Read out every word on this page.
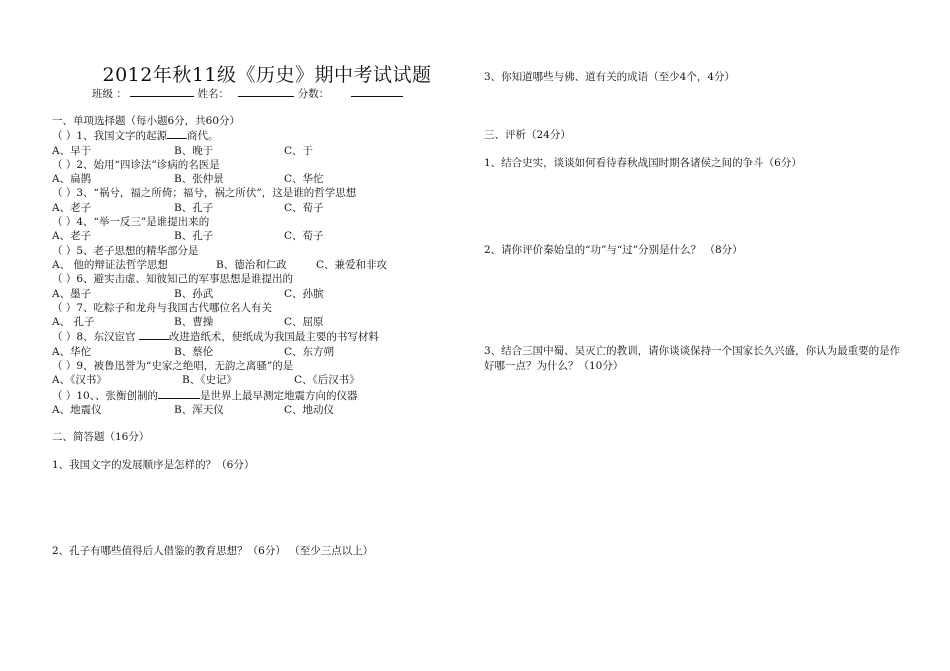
2012年秋11级《历史》期中考试试题
班级 ：	姓名：	分数：
一、单项选择题（每小题6分，共60分）
（ ）1、我国文字的起源 商代。
A、早于	B、晚于	C、于
（ ）2、始用“四诊法”诊病的名医是
A、扁鹊	B、张仲景	C、华佗
（ ）3、“祸兮，福之所倚；福兮，祸之所伏”，这是谁的哲学思想
A、老子	B、孔子	C、荀子
（ ）4、“举一反三”是谁提出来的
A、老子	B、孔子	C、荀子
（ ）5、老子思想的精华部分是
A、 他的辩证法哲学思想	B、德治和仁政	C、兼爱和非攻
（ ）6、避实击虚、知彼知己的军事思想是谁提出的
A、墨子	B、孙武	C、孙膑
（ ）7、吃粽子和龙舟与我国古代哪位名人有关
A、 孔子	B、曹操	C、屈原
（ ）8、东汉宦官	改进造纸术，使纸成为我国最主要的书写材料
A、华佗	B、蔡伦	C、东方朔
（ ）9、被鲁迅誉为“史家之绝唱，无韵之离骚”的是
A、《汉书》	B、《史记》	C、《后汉书》
（ ）10、、张衡创制的	是世界上最早测定地震方向的仪器
A、地震仪	B、浑天仪	C、地动仪
二、简答题（16分）
1、我国文字的发展顺序是怎样的？（6分）
2、孔子有哪些值得后人借鉴的教育思想？（6分） （至少三点以上）
3、你知道哪些与佛、道有关的成语（至少4个，4分）
三、评析（24分）
1、结合史实，谈谈如何看待春秋战国时期各诸侯之间的争斗（6分）
2、请你评价秦始皇的“功”与“过”分别是什么？ （8分）
3、结合三国中蜀、吴灭亡的教训，请你谈谈保持一个国家长久兴盛，你认为最重要的是作好哪一点？为什么？（10分）
